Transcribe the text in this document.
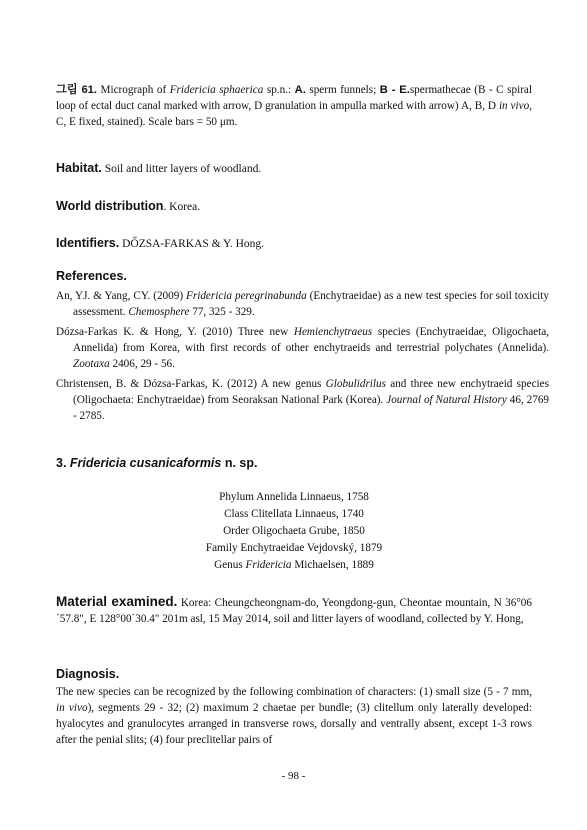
그림 61. Micrograph of Fridericia sphaerica sp.n.: A. sperm funnels; B - E.spermathecae (B - C spiral loop of ectal duct canal marked with arrow, D granulation in ampulla marked with arrow) A, B, D in vivo, C, E fixed, stained). Scale bars = 50 μm.

Habitat. Soil and litter layers of woodland.

World distribution. Korea.

Identifiers. DŐZSA-FARKAS & Y. Hong.

References.

An, YJ. & Yang, CY. (2009) Fridericia peregrinabunda (Enchytraeidae) as a new test species for soil toxicity assessment. Chemosphere 77, 325 - 329.

Dózsa-Farkas K. & Hong, Y. (2010) Three new Hemienchytraeus species (Enchytraeidae, Oligochaeta, Annelida) from Korea, with first records of other enchytraeids and terrestrial polychates (Annelida). Zootaxa 2406, 29 - 56.

Christensen, B. & Dózsa-Farkas, K. (2012) A new genus Globulidrilus and three new enchytraeid species (Oligochaeta: Enchytraeidae) from Seoraksan National Park (Korea). Journal of Natural History 46, 2769 - 2785.

3. Fridericia cusanicaformis n. sp.

Phylum Annelida Linnaeus, 1758

Class Clitellata Linnaeus, 1740

Order Oligochaeta Grube, 1850

Family Enchytraeidae Vejdovský, 1879

Genus Fridericia Michaelsen, 1889

Material examined. Korea: Cheungcheongnam-do, Yeongdong-gun, Cheontae mountain, N 36°06´57.8", E 128°00´30.4" 201m asl, 15 May 2014, soil and litter layers of woodland, collected by Y. Hong,

Diagnosis.

The new species can be recognized by the following combination of characters: (1) small size (5 - 7 mm, in vivo), segments 29 - 32; (2) maximum 2 chaetae per bundle; (3) clitellum only laterally developed: hyalocytes and granulocytes arranged in transverse rows, dorsally and ventrally absent, except 1-3 rows after the penial slits; (4) four preclitellar pairs of

- 98 -
